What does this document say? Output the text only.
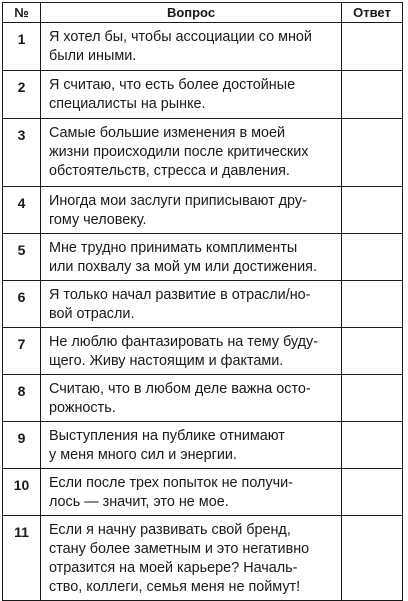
№	Вопрос	Ответ
1	Я хотел бы, чтобы ассоциации со мной
были иными.	
2	Я считаю, что есть более достойные
специалисты на рынке.	
3	Самые большие изменения в моей
жизни происходили после критических
обстоятельств, стресса и давления.	
4	Иногда мои заслуги приписывают дру-
гому человеку.	
5	Мне трудно принимать комплименты
или похвалу за мой ум или достижения.	
6	Я только начал развитие в отрасли/но-
вой отрасли.	
7	Не люблю фантазировать на тему буду-
щего. Живу настоящим и фактами.	
8	Считаю, что в любом деле важна осто-
рожность.	
9	Выступления на публике отнимают
у меня много сил и энергии.	
10	Если после трех попыток не получи-
лось — значит, это не мое.	
11	Если я начну развивать свой бренд,
стану более заметным и это негативно
отразится на моей карьере? Началь-
ство, коллеги, семья меня не поймут!	
